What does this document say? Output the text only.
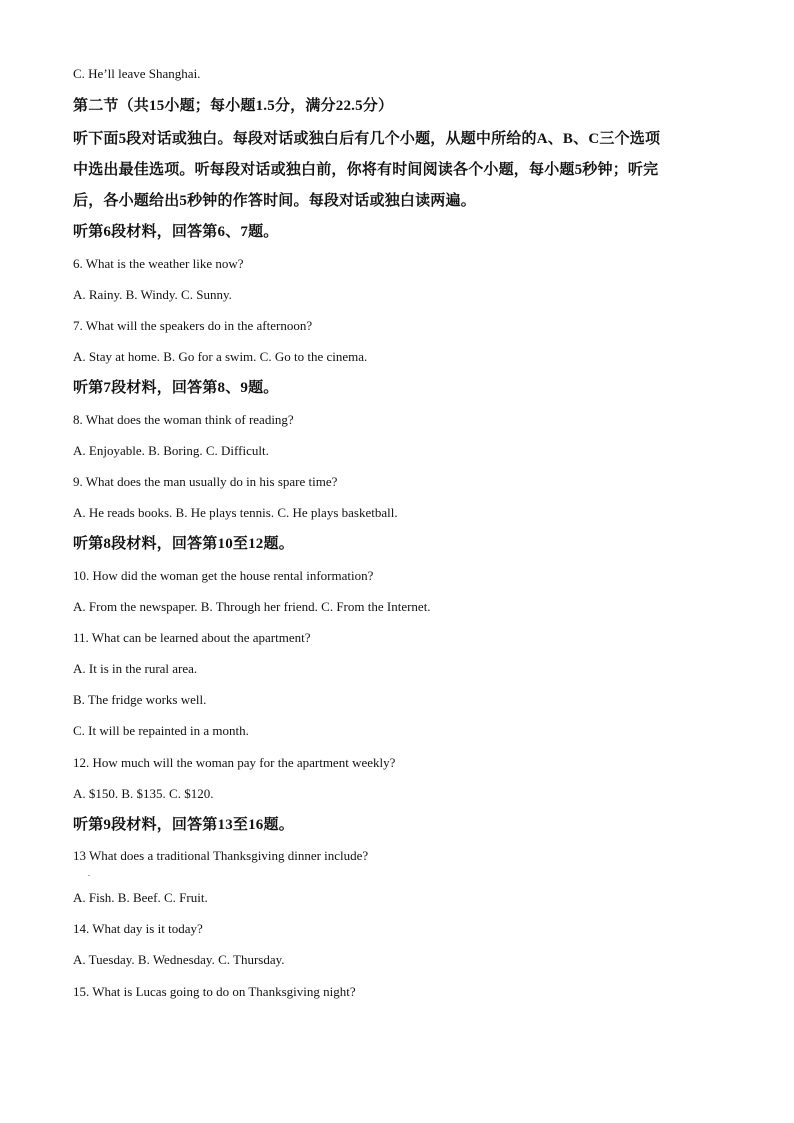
C. He’ll leave Shanghai.
第二节（共15小题；每小题1.5分，满分22.5分）
听下面5段对话或独白。每段对话或独白后有几个小题，从题中所给的A、B、C三个选项
中选出最佳选项。听每段对话或独白前，你将有时间阅读各个小题，每小题5秒钟；听完
后，各小题给出5秒钟的作答时间。每段对话或独白读两遍。
听第6段材料，回答第6、7题。
6. What is the weather like now?
A. Rainy. B. Windy. C. Sunny.
7. What will the speakers do in the afternoon?
A. Stay at home. B. Go for a swim. C. Go to the cinema.
听第7段材料，回答第8、9题。
8. What does the woman think of reading?
A. Enjoyable. B. Boring. C. Difficult.
9. What does the man usually do in his spare time?
A. He reads books. B. He plays tennis. C. He plays basketball.
听第8段材料，回答第10至12题。
10. How did the woman get the house rental information?
A. From the newspaper. B. Through her friend. C. From the Internet.
11. What can be learned about the apartment?
A. It is in the rural area.
B. The fridge works well.
C. It will be repainted in a month.
12. How much will the woman pay for the apartment weekly?
A. $150. B. $135. C. $120.
听第9段材料，回答第13至16题。
13 What does a traditional Thanksgiving dinner include?
.
A. Fish. B. Beef. C. Fruit.
14. What day is it today?
A. Tuesday. B. Wednesday. C. Thursday.
15. What is Lucas going to do on Thanksgiving night?
